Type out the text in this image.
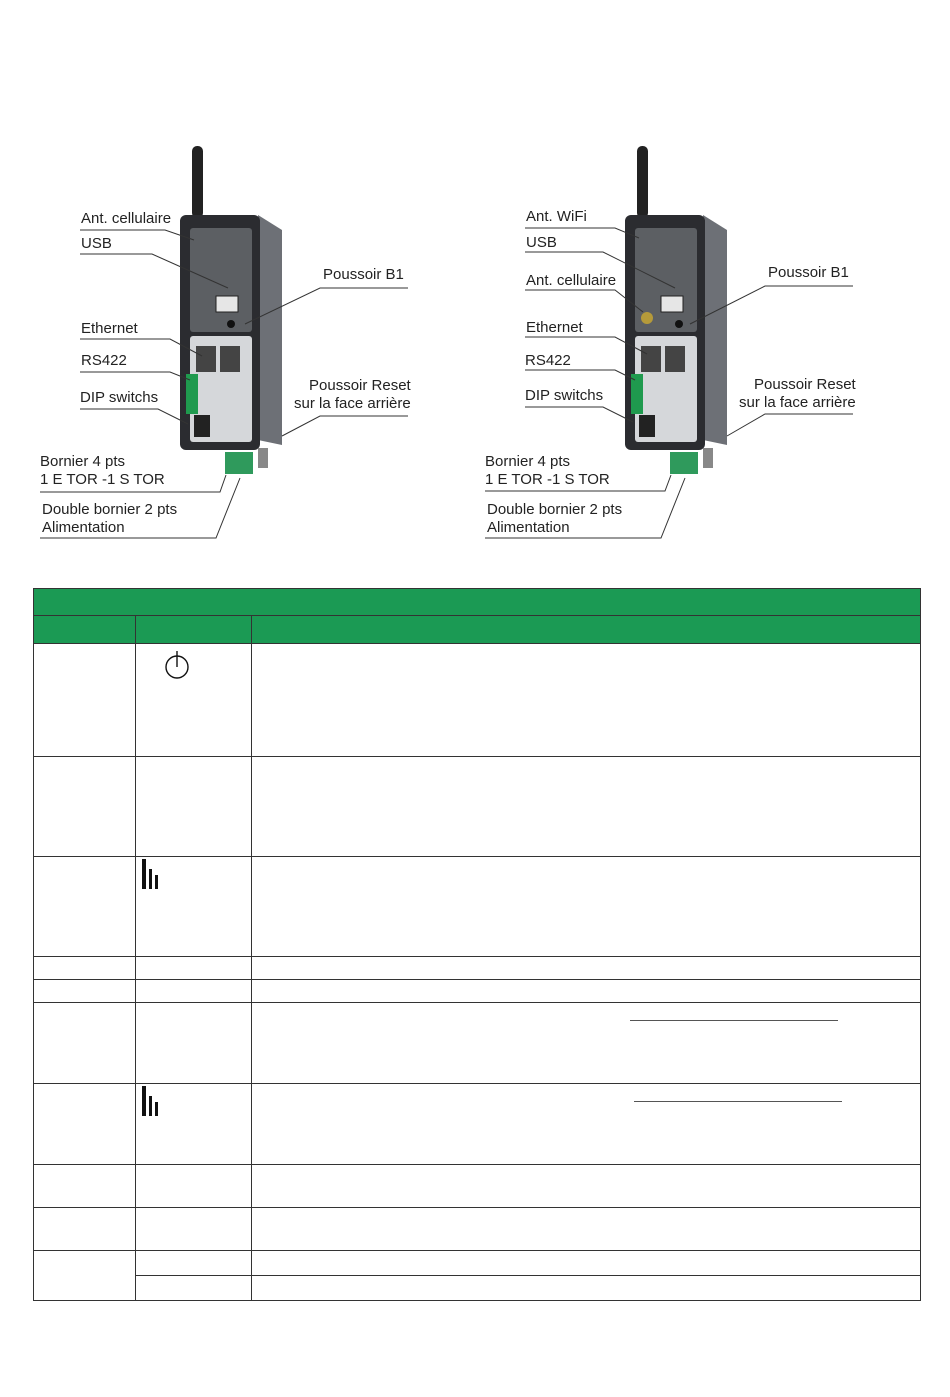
Ant. cellulaire
USB
Ethernet
RS422
DIP switchs
Poussoir B1
Poussoir Reset
sur la face arrière
Bornier 4 pts
1 E TOR -1 S TOR
Double bornier 2 pts
Alimentation
Ant. WiFi
USB
Ant. cellulaire
Ethernet
RS422
DIP switchs
Poussoir B1
Poussoir Reset
sur la face arrière
Bornier 4 pts
1 E TOR -1 S TOR
Double bornier 2 pts
Alimentation
